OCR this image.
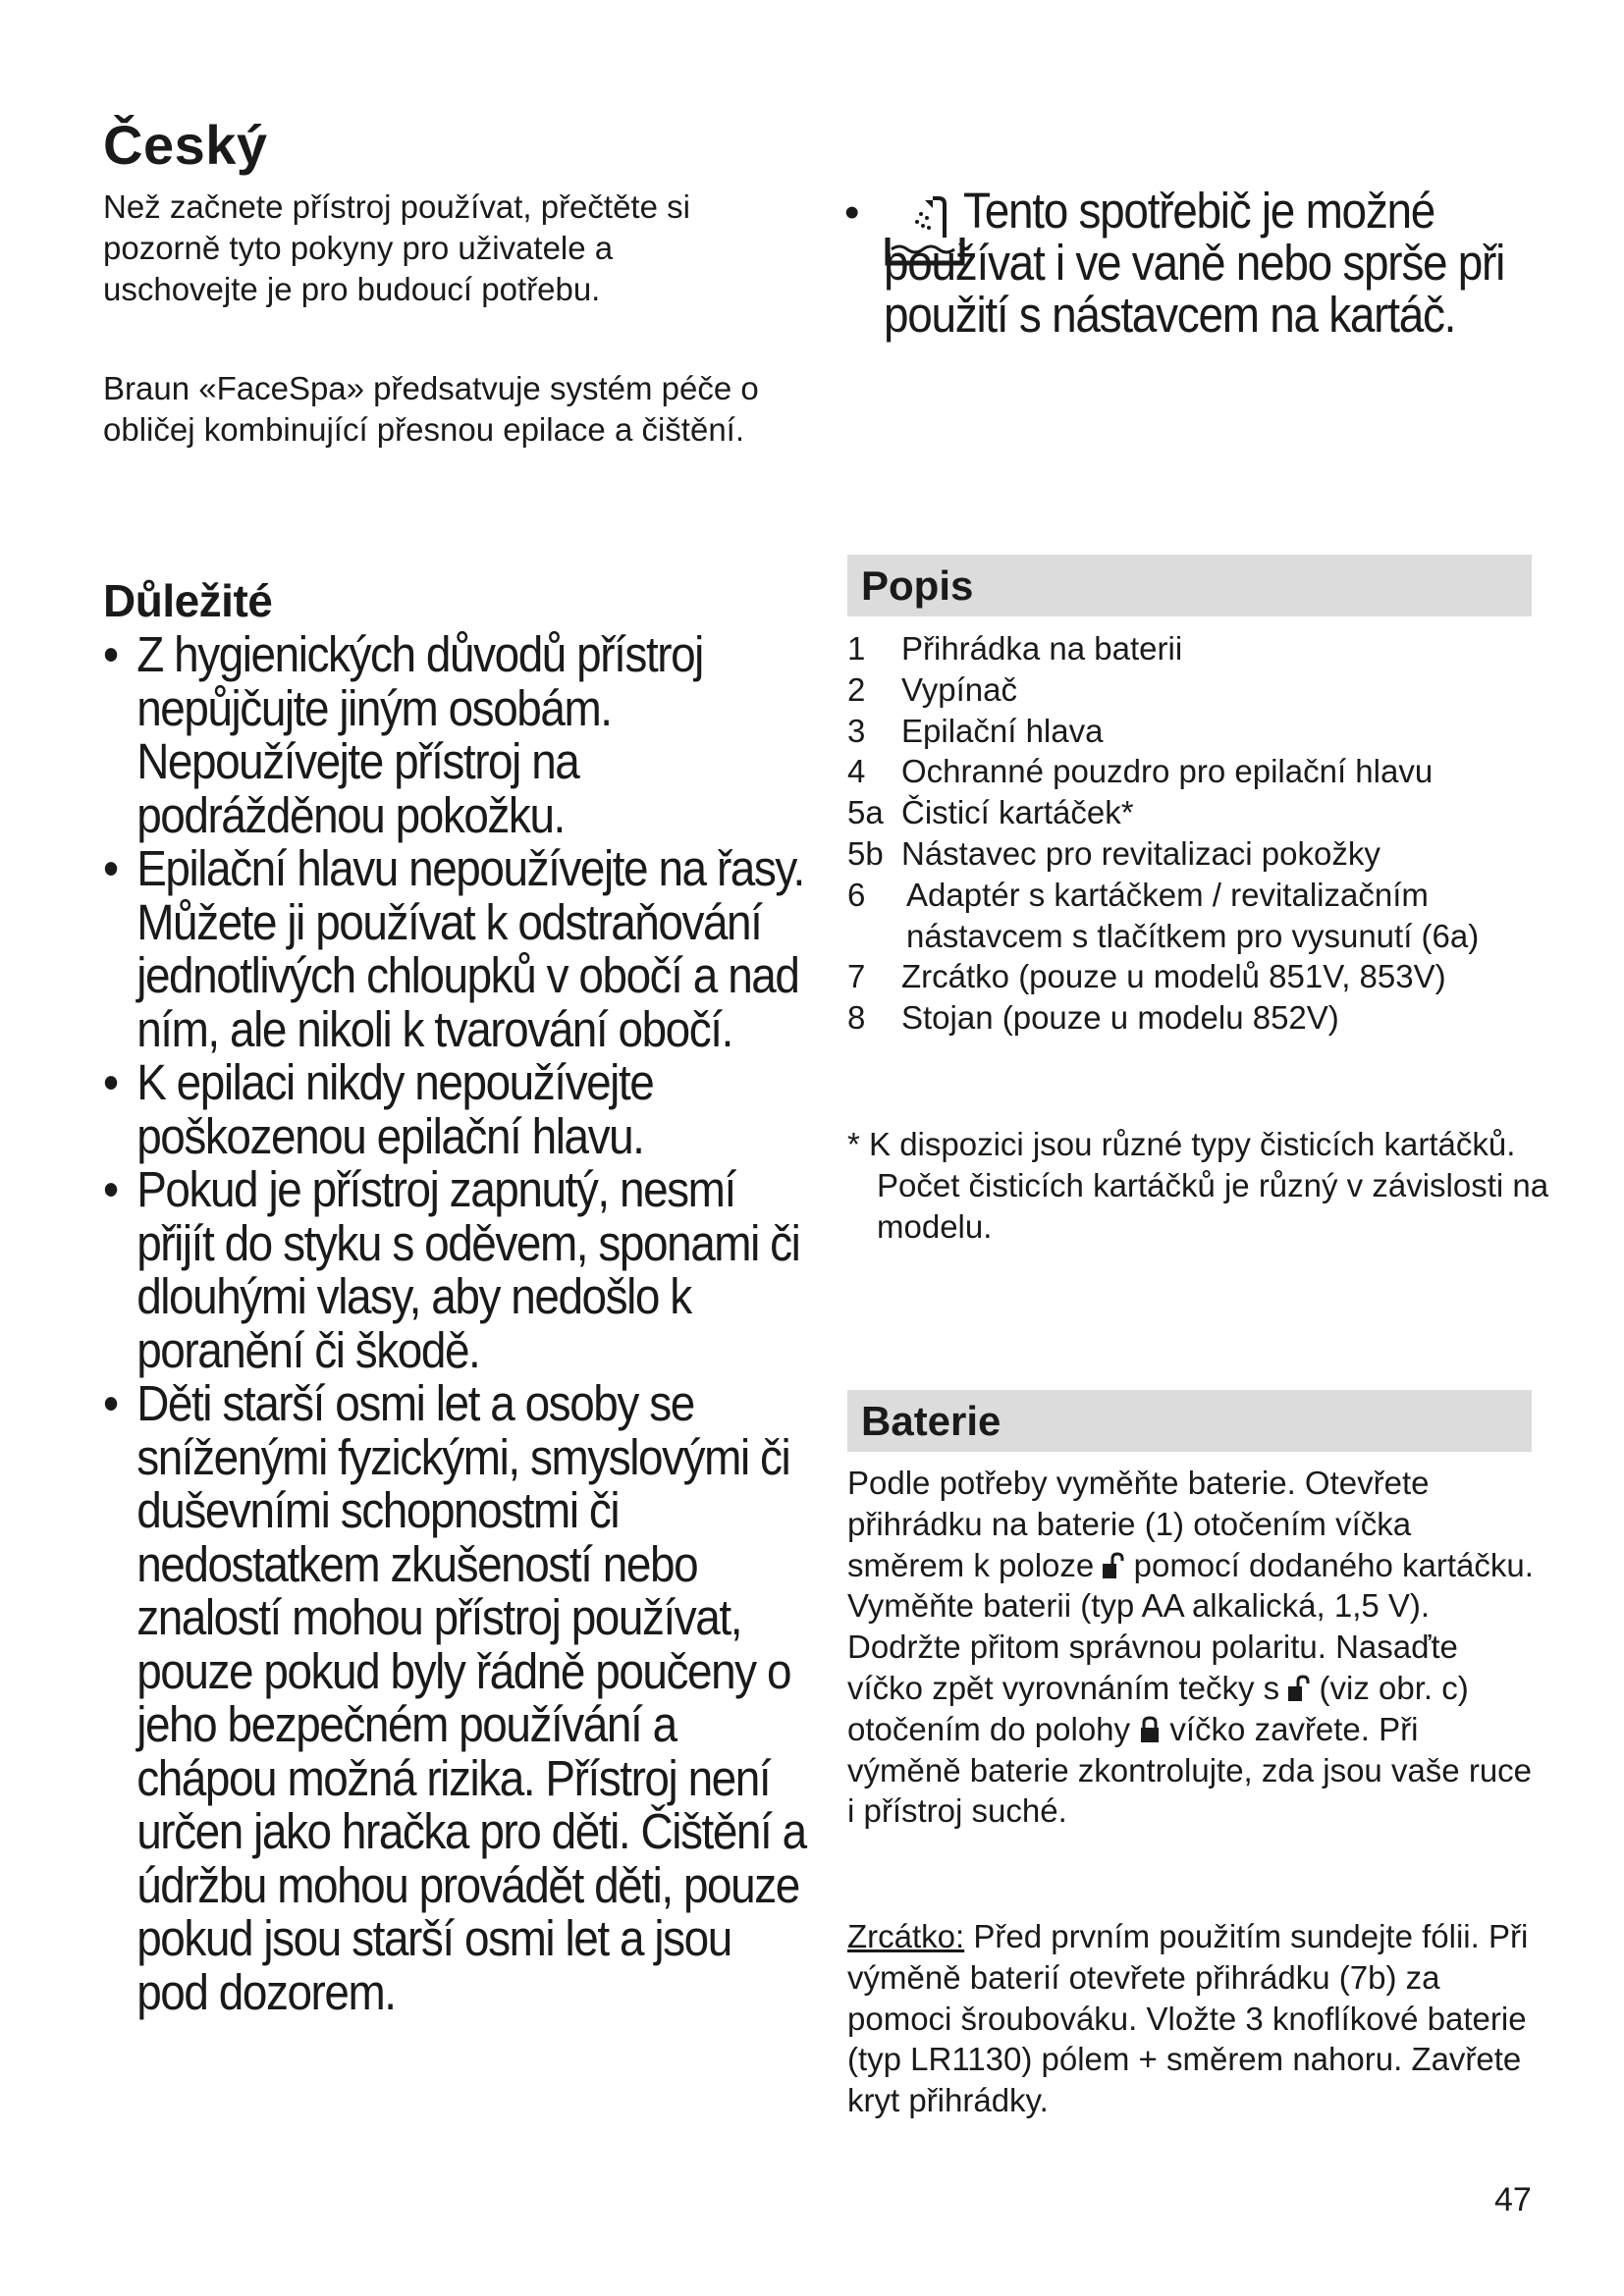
Český

Než začnete přístroj používat, přečtěte si pozorně tyto pokyny pro uživatele a uschovejte je pro budoucí potřebu.

Braun «FaceSpa» předsatvuje systém péče o obličej kombinující přesnou epilace a čištění.

Důležité
• Z hygienických důvodů přístroj nepůjčujte jiným osobám. Nepoužívejte přístroj na podrážděnou pokožku.
• Epilační hlavu nepoužívejte na řasy. Můžete ji používat k odstraňování jednotlivých chloupků v obočí a nad ním, ale nikoli k tvarování obočí.
• K epilaci nikdy nepoužívejte poškozenou epilační hlavu.
• Pokud je přístroj zapnutý, nesmí přijít do styku s oděvem, sponami či dlouhými vlasy, aby nedošlo k poranění či škodě.
• Děti starší osmi let a osoby se sníženými fyzickými, smyslovými či duševními schopnostmi či nedostatkem zkušeností nebo znalostí mohou přístroj používat, pouze pokud byly řádně poučeny o jeho bezpečném používání a chápou možná rizika. Přístroj není určen jako hračka pro děti. Čištění a údržbu mohou provádět děti, pouze pokud jsou starší osmi let a jsou pod dozorem.
•	Tento spotřebič je možné používat i ve vaně nebo sprše při použití s nástavcem na kartáč.
Popis
1 Přihrádka na baterii
2 Vypínač
3 Epilační hlava
4 Ochranné pouzdro pro epilační hlavu
5a Čisticí kartáček*
5b Nástavec pro revitalizaci pokožky
6 Adaptér s kartáčkem / revitalizačním nástavcem s tlačítkem pro vysunutí (6a)
7 Zrcátko (pouze u modelů 851V, 853V)
8 Stojan (pouze u modelu 852V)

* K dispozici jsou různé typy čisticích kartáčků. Počet čisticích kartáčků je různý v závislosti na modelu.

Baterie

Podle potřeby vyměňte baterie. Otevřete přihrádku na baterie (1) otočením víčka směrem k poloze pomocí dodaného kartáčku. Vyměňte baterii (typ AA alkalická, 1,5 V). Dodržte přitom správnou polaritu. Nasaďte víčko zpět vyrovnáním tečky s (viz obr. c) otočením do polohy víčko zavřete. Při výměně baterie zkontrolujte, zda jsou vaše ruce i přístroj suché.

Zrcátko: Před prvním použitím sundejte fólii. Při výměně baterií otevřete přihrádku (7b) za pomoci šroubováku. Vložte 3 knoflíkové baterie (typ LR1130) pólem + směrem nahoru. Zavřete kryt přihrádky.

47
